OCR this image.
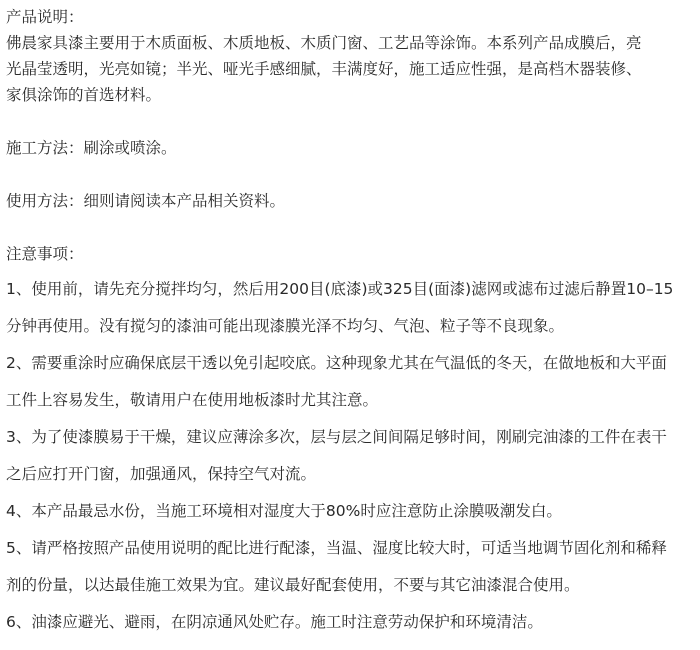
产品说明：
佛晨家具漆主要用于木质面板、木质地板、木质门窗、工艺品等涂饰。本系列产品成膜后，亮
光晶莹透明，光亮如镜；半光、哑光手感细腻，丰满度好，施工适应性强，是高档木器装修、
家俱涂饰的首选材料。
施工方法：刷涂或喷涂。
使用方法：细则请阅读本产品相关资料。
注意事项：
1、使用前，请先充分搅拌均匀，然后用200目(底漆)或325目(面漆)滤网或滤布过滤后静置10–15
分钟再使用。没有搅匀的漆油可能出现漆膜光泽不均匀、气泡、粒子等不良现象。
2、需要重涂时应确保底层干透以免引起咬底。这种现象尤其在气温低的冬天，在做地板和大平面
工件上容易发生，敬请用户在使用地板漆时尤其注意。
3、为了使漆膜易于干燥，建议应薄涂多次，层与层之间间隔足够时间，刚刷完油漆的工件在表干
之后应打开门窗，加强通风，保持空气对流。
4、本产品最忌水份，当施工环境相对湿度大于80%时应注意防止涂膜吸潮发白。
5、请严格按照产品使用说明的配比进行配漆，当温、湿度比较大时，可适当地调节固化剂和稀释
剂的份量，以达最佳施工效果为宜。建议最好配套使用，不要与其它油漆混合使用。
6、油漆应避光、避雨，在阴凉通风处贮存。施工时注意劳动保护和环境清洁。
